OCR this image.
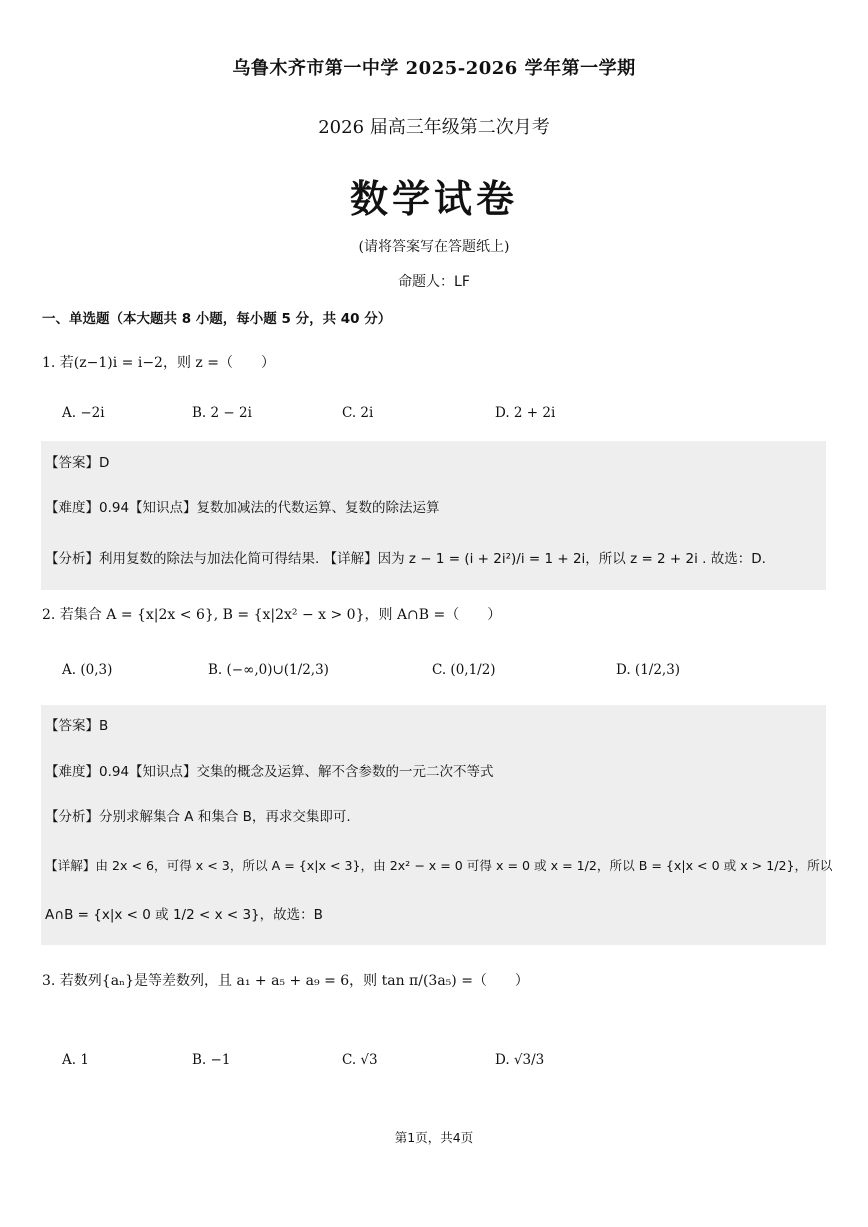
乌鲁木齐市第一中学 2025-2026 学年第一学期
2026 届高三年级第二次月考
数学试卷
(请将答案写在答题纸上)
命题人：LF
一、单选题（本大题共 8 小题，每小题 5 分，共 40 分）
1. 若(z−1)i = i−2，则 z =（　　）
A. −2i	B. 2 − 2i	C. 2i	D. 2 + 2i
【答案】D
【难度】0.94【知识点】复数加减法的代数运算、复数的除法运算
【分析】利用复数的除法与加法化简可得结果. 【详解】因为 z − 1 = (i + 2i²)/i = 1 + 2i，所以 z = 2 + 2i . 故选：D.
2. 若集合 A = {x|2x < 6}, B = {x|2x² − x > 0}，则 A∩B =（　　）
A. (0,3)	B. (−∞,0)∪(1/2,3)	C. (0,1/2)	D. (1/2,3)
【答案】B
【难度】0.94【知识点】交集的概念及运算、解不含参数的一元二次不等式
【分析】分别求解集合 A 和集合 B，再求交集即可.
【详解】由 2x < 6，可得 x < 3，所以 A = {x|x < 3}，由 2x² − x = 0 可得 x = 0 或 x = 1/2，所以 B = {x|x < 0 或 x > 1/2}，所以
A∩B = {x|x < 0 或 1/2 < x < 3}，故选：B
3. 若数列{aₙ}是等差数列，且 a₁ + a₅ + a₉ = 6，则 tan π/(3a₅) =（　　）
A. 1	B. −1	C. √3	D. √3/3
第1页，共4页
